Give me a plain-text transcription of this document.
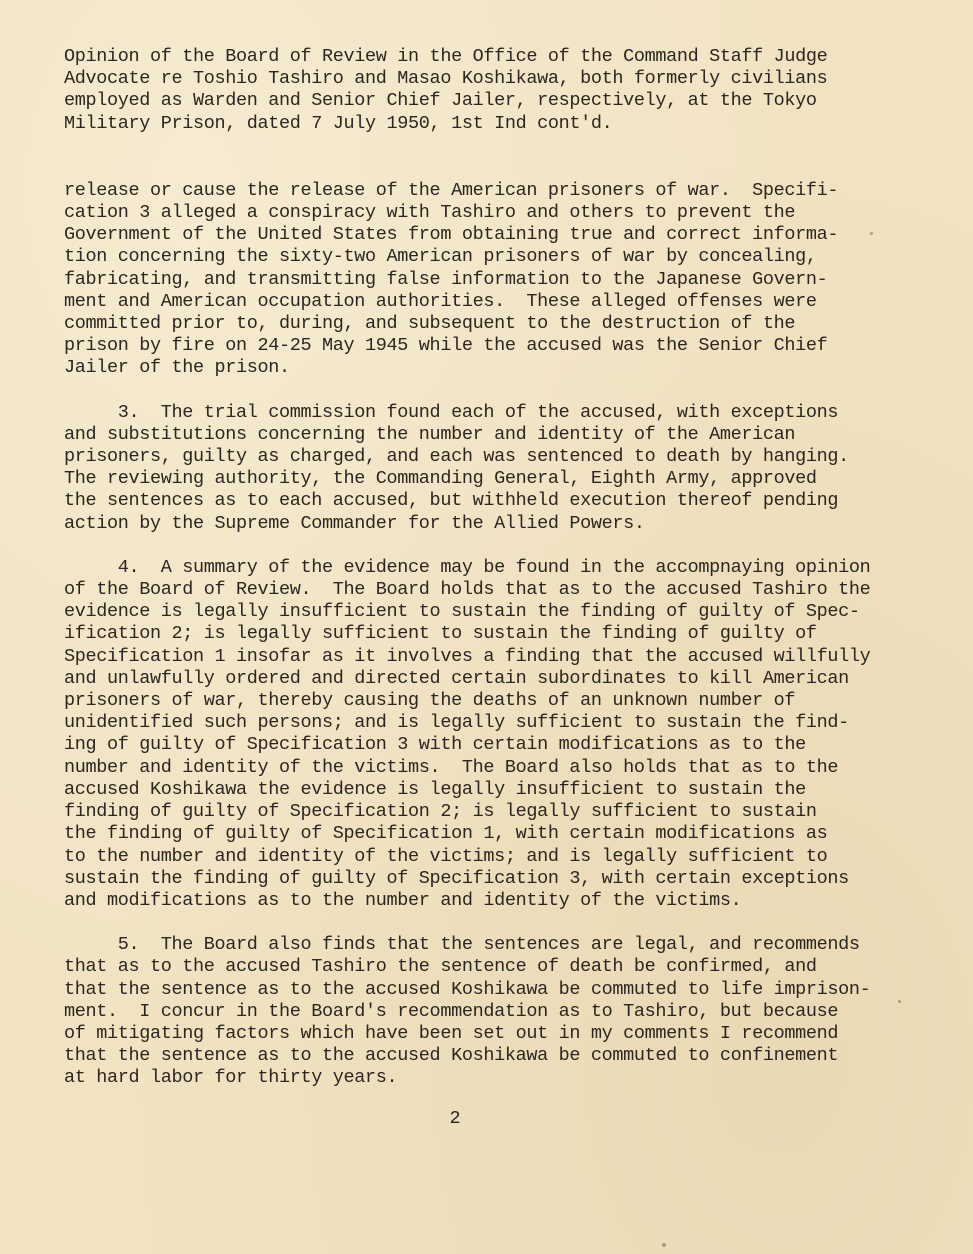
Opinion of the Board of Review in the Office of the Command Staff Judge
Advocate re Toshio Tashiro and Masao Koshikawa, both formerly civilians
employed as Warden and Senior Chief Jailer, respectively, at the Tokyo
Military Prison, dated 7 July 1950, 1st Ind cont'd.
release or cause the release of the American prisoners of war.  Specifi-
cation 3 alleged a conspiracy with Tashiro and others to prevent the
Government of the United States from obtaining true and correct informa-
tion concerning the sixty-two American prisoners of war by concealing,
fabricating, and transmitting false information to the Japanese Govern-
ment and American occupation authorities.  These alleged offenses were
committed prior to, during, and subsequent to the destruction of the
prison by fire on 24-25 May 1945 while the accused was the Senior Chief
Jailer of the prison.
3.  The trial commission found each of the accused, with exceptions
and substitutions concerning the number and identity of the American
prisoners, guilty as charged, and each was sentenced to death by hanging.
The reviewing authority, the Commanding General, Eighth Army, approved
the sentences as to each accused, but withheld execution thereof pending
action by the Supreme Commander for the Allied Powers.
4.  A summary of the evidence may be found in the accompnaying opinion
of the Board of Review.  The Board holds that as to the accused Tashiro the
evidence is legally insufficient to sustain the finding of guilty of Spec-
ification 2; is legally sufficient to sustain the finding of guilty of
Specification 1 insofar as it involves a finding that the accused willfully
and unlawfully ordered and directed certain subordinates to kill American
prisoners of war, thereby causing the deaths of an unknown number of
unidentified such persons; and is legally sufficient to sustain the find-
ing of guilty of Specification 3 with certain modifications as to the
number and identity of the victims.  The Board also holds that as to the
accused Koshikawa the evidence is legally insufficient to sustain the
finding of guilty of Specification 2; is legally sufficient to sustain
the finding of guilty of Specification 1, with certain modifications as
to the number and identity of the victims; and is legally sufficient to
sustain the finding of guilty of Specification 3, with certain exceptions
and modifications as to the number and identity of the victims.
5.  The Board also finds that the sentences are legal, and recommends
that as to the accused Tashiro the sentence of death be confirmed, and
that the sentence as to the accused Koshikawa be commuted to life imprison-
ment.  I concur in the Board's recommendation as to Tashiro, but because
of mitigating factors which have been set out in my comments I recommend
that the sentence as to the accused Koshikawa be commuted to confinement
at hard labor for thirty years.
2
